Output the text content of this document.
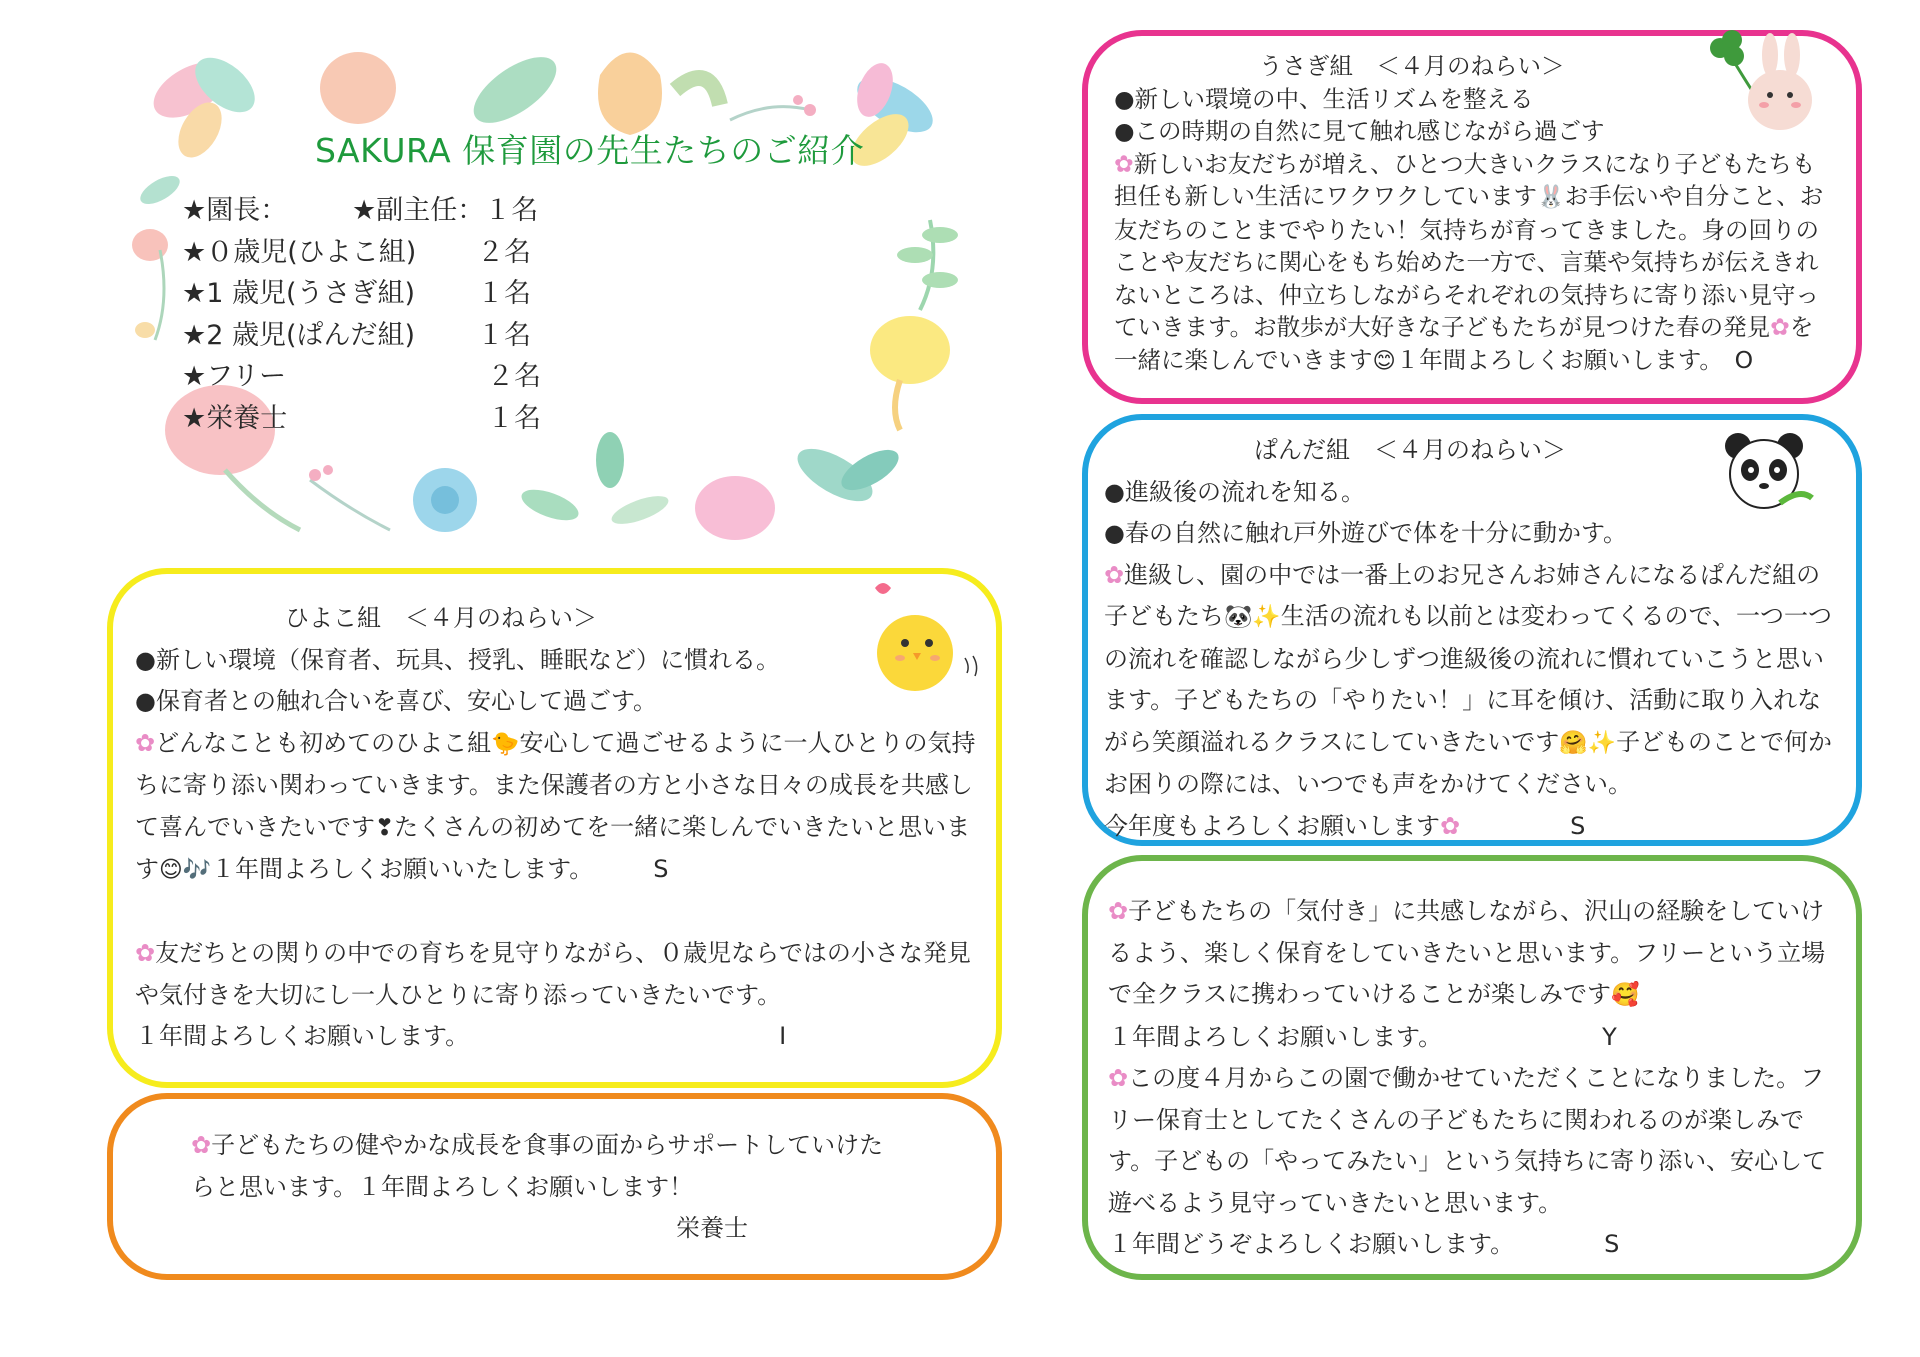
SAKURA 保育園の先生たちのご紹介
★園長： ★副主任：１名
★０歳児(ひよこ組) ２名
★1 歳児(うさぎ組) １名
★2 歳児(ぱんだ組) １名
★フリー	２名
★栄養士	１名

うさぎ組　＜４月のねらい＞

●新しい環境の中、生活リズムを整える

●この時期の自然に見て触れ感じながら過ごす

✿新しいお友だちが増え、ひとつ大きいクラスになり子どもたちも担任も新しい生活にワクワクしています🐰お手伝いや自分こと、お友だちのことまでやりたい！気持ちが育ってきました。身の回りのことや友だちに関心をもち始めた一方で、言葉や気持ちが伝えきれないところは、仲立ちしながらそれぞれの気持ちに寄り添い見守っていきます。お散歩が大好きな子どもたちが見つけた春の発見✿を一緒に楽しんでいきます😊１年間よろしくお願いします。　 O

ぱんだ組　＜４月のねらい＞

●進級後の流れを知る。

●春の自然に触れ戸外遊びで体を十分に動かす。

✿進級し、園の中では一番上のお兄さんお姉さんになるぱんだ組の子どもたち🐼✨生活の流れも以前とは変わってくるので、一つ一つの流れを確認しながら少しずつ進級後の流れに慣れていこうと思います。子どもたちの「やりたい！」に耳を傾け、活動に取り入れながら笑顔溢れるクラスにしていきたいです🤗✨子どものことで何かお困りの際には、いつでも声をかけてください。

今年度もよろしくお願いします✿	S

✿子どもたちの「気付き」に共感しながら、沢山の経験をしていけるよう、楽しく保育をしていきたいと思います。フリーという立場で全クラスに携わっていけることが楽しみです🥰

１年間よろしくお願いします。	Y

✿この度４月からこの園で働かせていただくことになりました。フリー保育士としてたくさんの子どもたちに関われるのが楽しみです。子どもの「やってみたい」という気持ちに寄り添い、安心して遊べるよう見守っていきたいと思います。

１年間どうぞよろしくお願いします。	S

ひよこ組　＜４月のねらい＞

●新しい環境（保育者、玩具、授乳、睡眠など）に慣れる。

●保育者との触れ合いを喜び、安心して過ごす。

✿どんなことも初めてのひよこ組🐤安心して過ごせるように一人ひとりの気持ちに寄り添い関わっていきます。また保護者の方と小さな日々の成長を共感して喜んでいきたいです❣たくさんの初めてを一緒に楽しんでいきたいと思います😊🎶１年間よろしくお願いいたします。	S

✿友だちとの関りの中での育ちを見守りながら、０歳児ならではの小さな発見や気付きを大切にし一人ひとりに寄り添っていきたいです。

１年間よろしくお願いします。	I

✿子どもたちの健やかな成長を食事の面からサポートしていけたらと思います。１年間よろしくお願いします！

栄養士
